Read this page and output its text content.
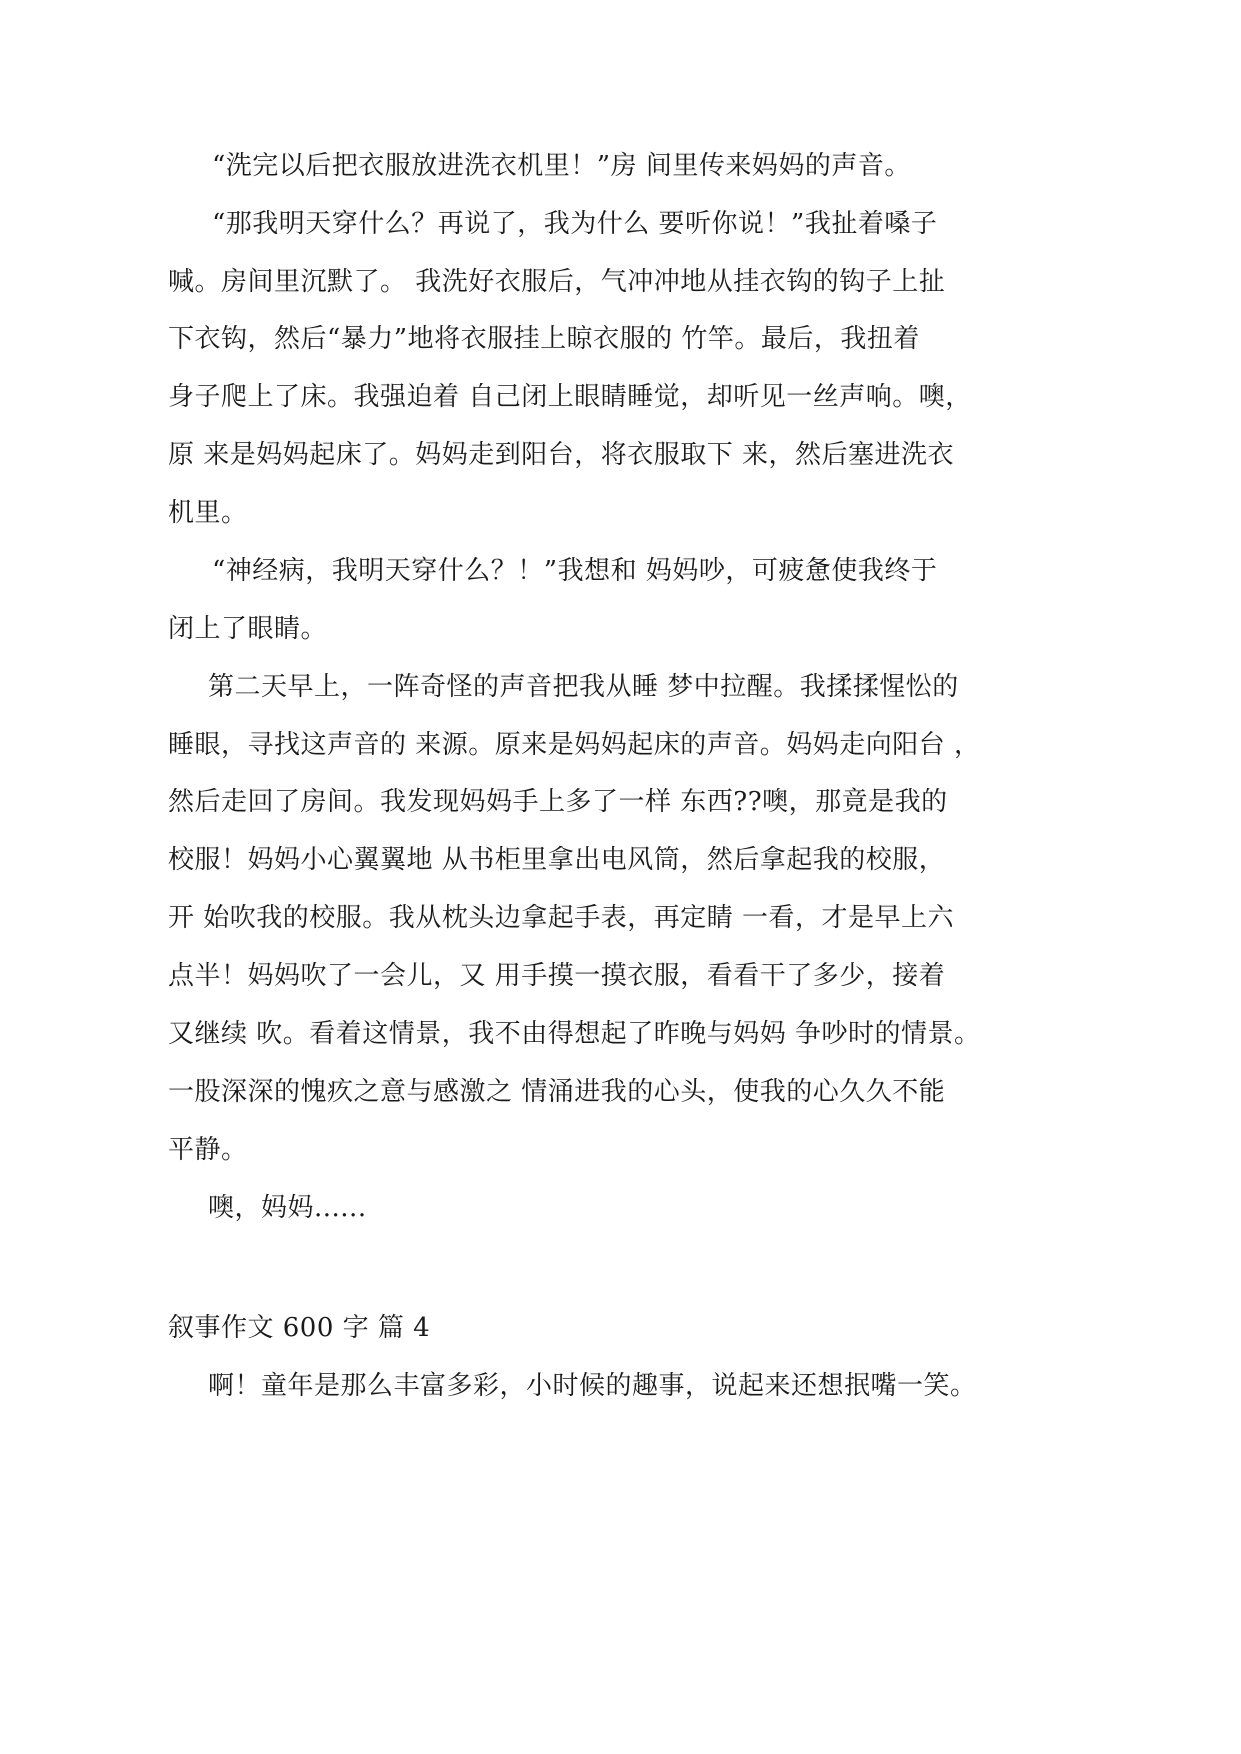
“洗完以后把衣服放进洗衣机里！”房 间里传来妈妈的声音。
“那我明天穿什么？再说了，我为什么 要听你说！”我扯着嗓子
喊。房间里沉默了。 我洗好衣服后，气冲冲地从挂衣钩的钩子上扯
下衣钩，然后“暴力”地将衣服挂上晾衣服的 竹竿。最后，我扭着
身子爬上了床。我强迫着 自己闭上眼睛睡觉，却听见一丝声响。噢，
原 来是妈妈起床了。妈妈走到阳台，将衣服取下 来，然后塞进洗衣
机里。
“神经病，我明天穿什么？！”我想和 妈妈吵，可疲惫使我终于
闭上了眼睛。
第二天早上，一阵奇怪的声音把我从睡 梦中拉醒。我揉揉惺忪的
睡眼，寻找这声音的 来源。原来是妈妈起床的声音。妈妈走向阳台 ，
然后走回了房间。我发现妈妈手上多了一样 东西??噢，那竟是我的
校服！妈妈小心翼翼地 从书柜里拿出电风筒，然后拿起我的校服，
开 始吹我的校服。我从枕头边拿起手表，再定睛 一看，才是早上六
点半！妈妈吹了一会儿，又 用手摸一摸衣服，看看干了多少，接着
又继续 吹。看着这情景，我不由得想起了昨晚与妈妈 争吵时的情景。
一股深深的愧疚之意与感激之 情涌进我的心头，使我的心久久不能
平静。
噢，妈妈......
叙事作文 600 字 篇 4
啊！童年是那么丰富多彩，小时候的趣事，说起来还想抿嘴一笑。
